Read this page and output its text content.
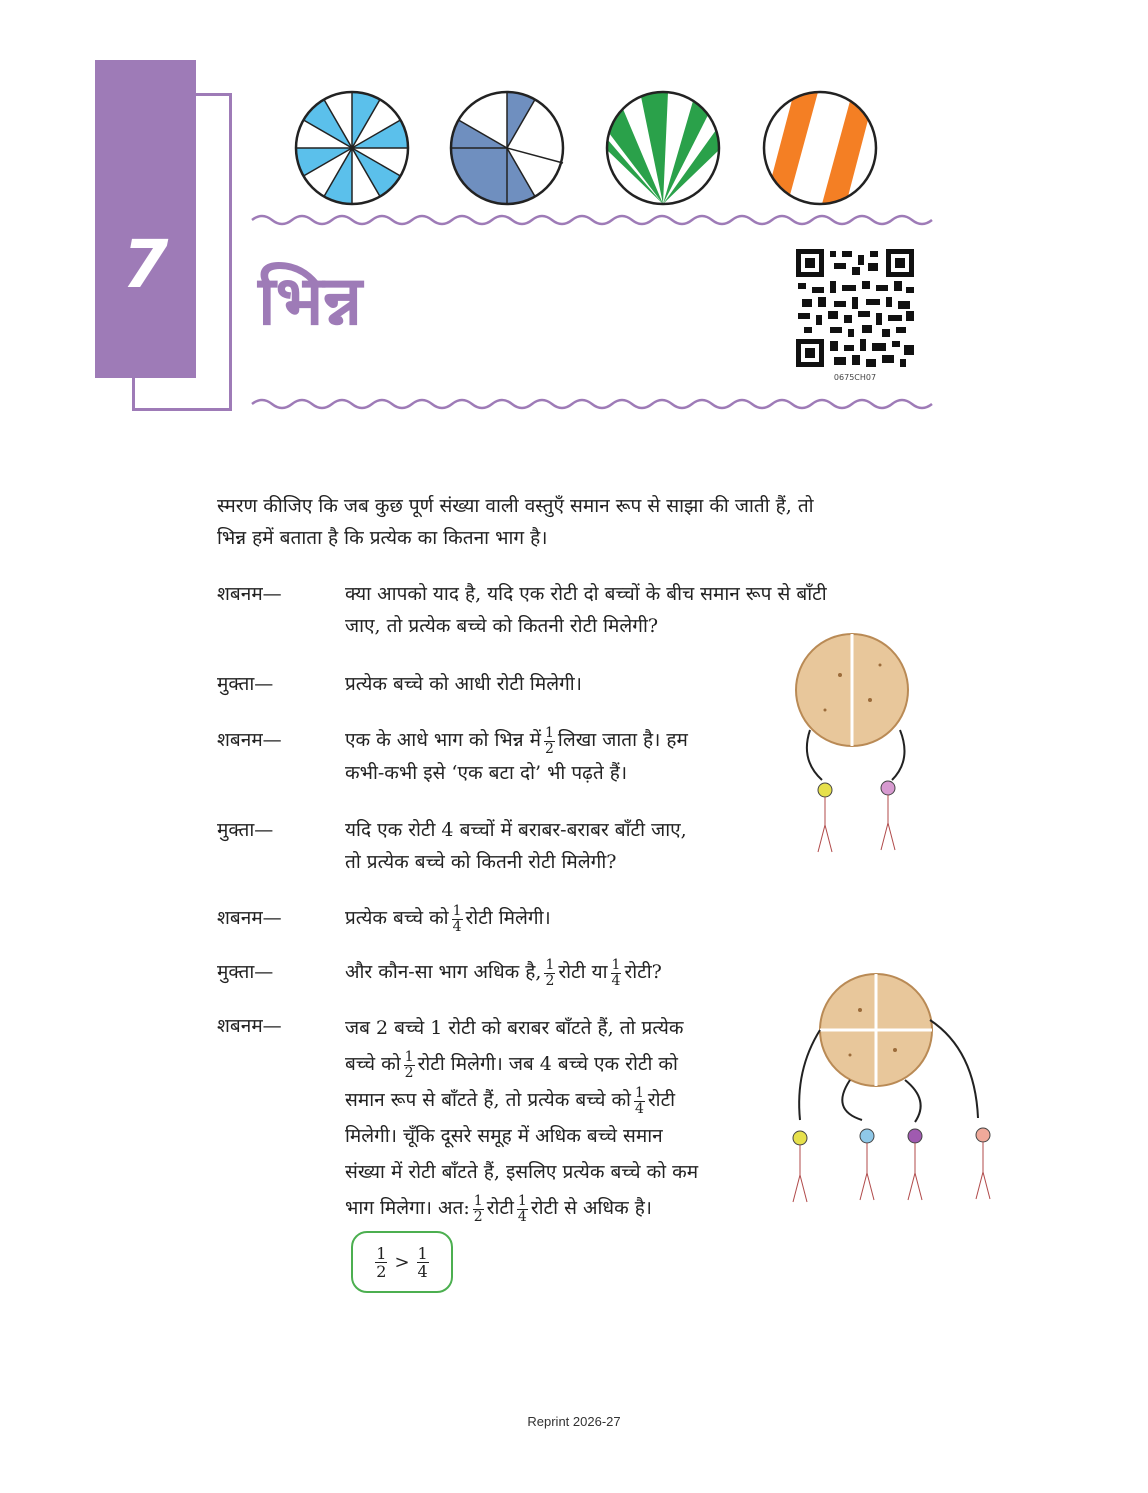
7	भिन्न
0675CH07
स्मरण कीजिए कि जब कुछ पूर्ण संख्या वाली वस्तुएँ समान रूप से साझा की जाती हैं, तो
भिन्न हमें बताता है कि प्रत्येक का कितना भाग है।
शबनम—	क्या आपको याद है, यदि एक रोटी दो बच्चों के बीच समान रूप से बाँटी
जाए, तो प्रत्येक बच्चे को कितनी रोटी मिलेगी?
मुक्ता—	प्रत्येक बच्चे को आधी रोटी मिलेगी।
शबनम—	एक के आधे भाग को भिन्न में $\frac{1}{2}$ लिखा जाता है। हम
कभी-कभी इसे ‘एक बटा दो’ भी पढ़ते हैं।
मुक्ता—	यदि एक रोटी 4 बच्चों में बराबर-बराबर बाँटी जाए,
तो प्रत्येक बच्चे को कितनी रोटी मिलेगी?
शबनम—	प्रत्येक बच्चे को $\frac{1}{4}$ रोटी मिलेगी।
मुक्ता—	और कौन-सा भाग अधिक है, $\frac{1}{2}$ रोटी या $\frac{1}{4}$ रोटी?
शबनम—	जब 2 बच्चे 1 रोटी को बराबर बाँटते हैं, तो प्रत्येक
बच्चे को $\frac{1}{2}$ रोटी मिलेगी। जब 4 बच्चे एक रोटी को
समान रूप से बाँटते हैं, तो प्रत्येक बच्चे को $\frac{1}{4}$ रोटी
मिलेगी। चूँकि दूसरे समूह में अधिक बच्चे समान
संख्या में रोटी बाँटते हैं, इसलिए प्रत्येक बच्चे को कम
भाग मिलेगा। अत: $\frac{1}{2}$ रोटी $\frac{1}{4}$ रोटी से अधिक है।
$\frac{1}{2} > \frac{1}{4}$
Reprint 2026-27
